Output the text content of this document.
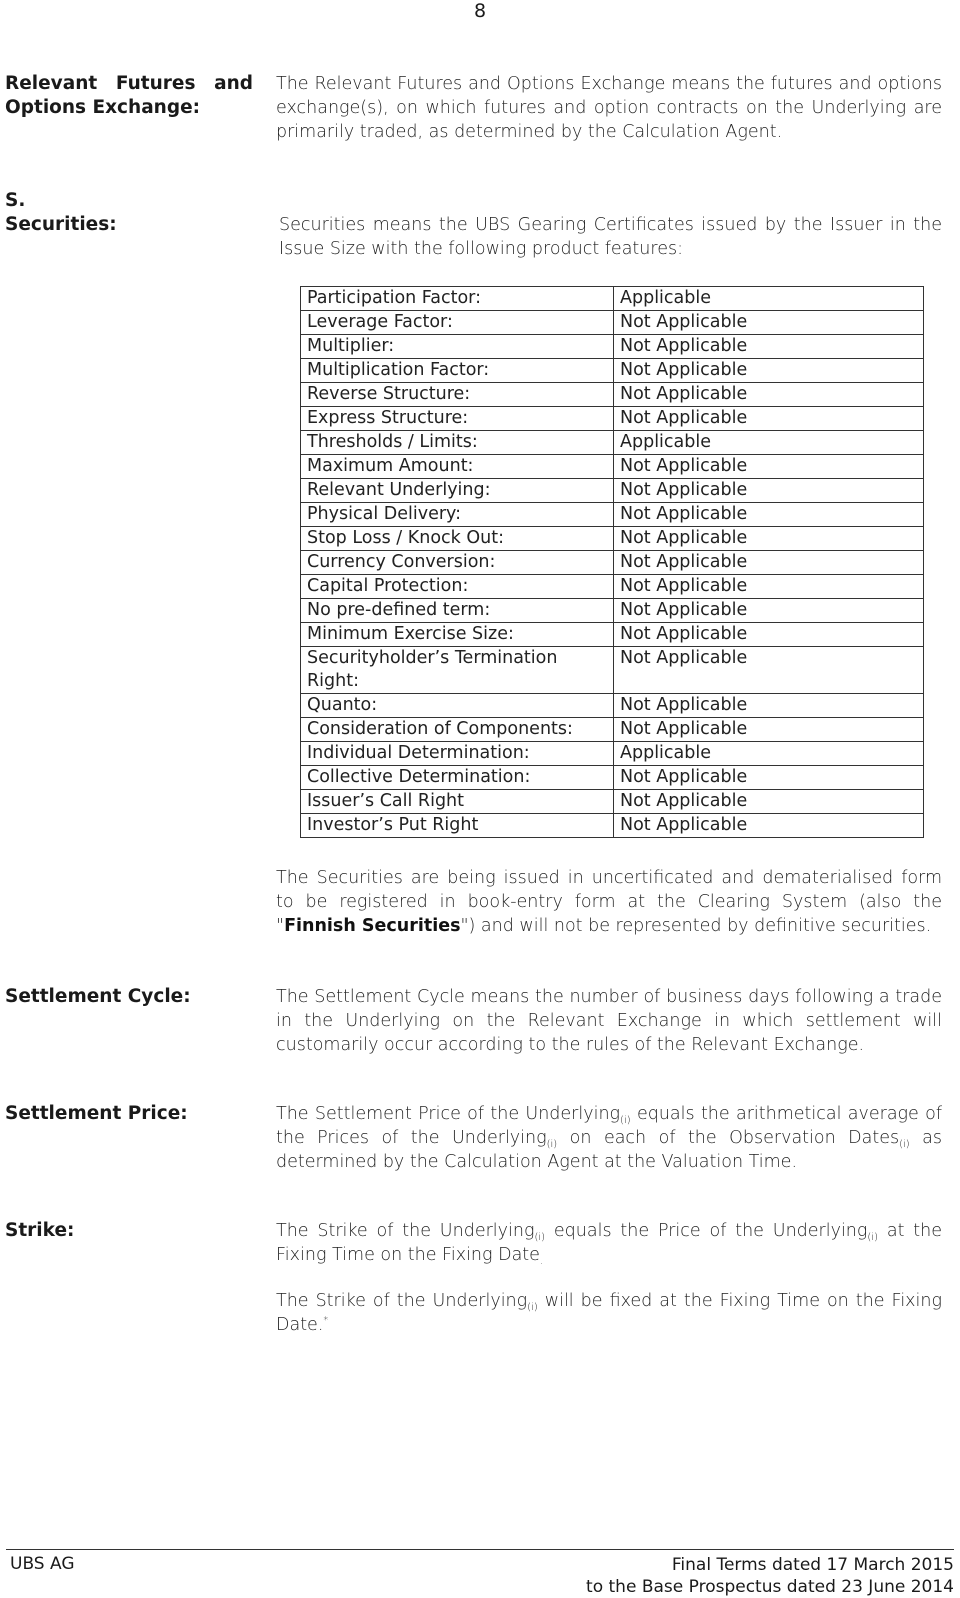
8
Relevant Futures and
Options Exchange:
The Relevant Futures and Options Exchange means the futures and options exchange(s), on which futures and option contracts on the Underlying are primarily traded, as determined by the Calculation Agent.
S.
Securities:	Securities means the UBS Gearing Certificates issued by the Issuer in the Issue Size with the following product features:
Participation Factor:	Applicable
Leverage Factor:	Not Applicable
Multiplier:	Not Applicable
Multiplication Factor:	Not Applicable
Reverse Structure:	Not Applicable
Express Structure:	Not Applicable
Thresholds / Limits:	Applicable
Maximum Amount:	Not Applicable
Relevant Underlying:	Not Applicable
Physical Delivery:	Not Applicable
Stop Loss / Knock Out:	Not Applicable
Currency Conversion:	Not Applicable
Capital Protection:	Not Applicable
No pre-defined term:	Not Applicable
Minimum Exercise Size:	Not Applicable
Securityholder’s Termination Right:	Not Applicable
Quanto:	Not Applicable
Consideration of Components:	Not Applicable
Individual Determination:	Applicable
Collective Determination:	Not Applicable
Issuer’s Call Right	Not Applicable
Investor’s Put Right	Not Applicable
The Securities are being issued in uncertificated and dematerialised form to be registered in book-entry form at the Clearing System (also the "Finnish Securities") and will not be represented by definitive securities.
Settlement Cycle:	The Settlement Cycle means the number of business days following a trade in the Underlying on the Relevant Exchange in which settlement will customarily occur according to the rules of the Relevant Exchange.
Settlement Price:	The Settlement Price of the Underlying$_{(i)}$ equals the arithmetical average of the Prices of the Underlying$_{(i)}$ on each of the Observation Dates$_{(i)}$ as determined by the Calculation Agent at the Valuation Time.
Strike:	The Strike of the Underlying$_{(i)}$ equals the Price of the Underlying$_{(i)}$ at the Fixing Time on the Fixing Date$_.$
The Strike of the Underlying$_{(i)}$ will be fixed at the Fixing Time on the Fixing Date.*
UBS AG	Final Terms dated 17 March 2015
to the Base Prospectus dated 23 June 2014
